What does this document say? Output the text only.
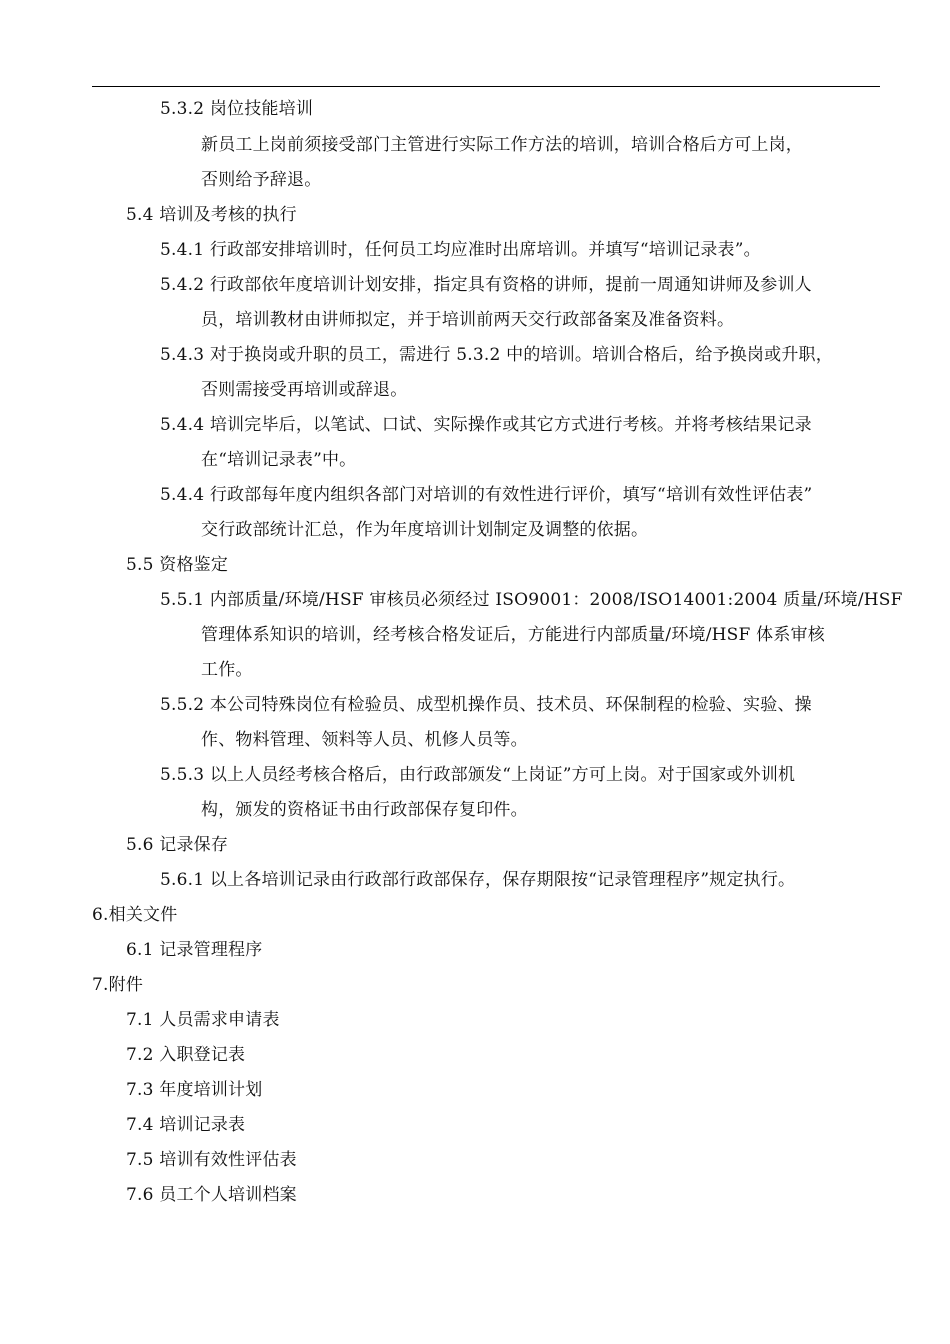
5.3.2 岗位技能培训
新员工上岗前须接受部门主管进行实际工作方法的培训，培训合格后方可上岗，
否则给予辞退。
5.4 培训及考核的执行
5.4.1 行政部安排培训时，任何员工均应准时出席培训。并填写“培训记录表”。
5.4.2 行政部依年度培训计划安排，指定具有资格的讲师，提前一周通知讲师及参训人
员，培训教材由讲师拟定，并于培训前两天交行政部备案及准备资料。
5.4.3 对于换岗或升职的员工，需进行 5.3.2 中的培训。培训合格后，给予换岗或升职，
否则需接受再培训或辞退。
5.4.4 培训完毕后，以笔试、口试、实际操作或其它方式进行考核。并将考核结果记录
在“培训记录表”中。
5.4.4 行政部每年度内组织各部门对培训的有效性进行评价，填写“培训有效性评估表”
交行政部统计汇总，作为年度培训计划制定及调整的依据。
5.5 资格鉴定
5.5.1 内部质量/环境/HSF 审核员必须经过 ISO9001：2008/ISO14001:2004 质量/环境/HSF
管理体系知识的培训，经考核合格发证后，方能进行内部质量/环境/HSF 体系审核
工作。
5.5.2 本公司特殊岗位有检验员、成型机操作员、技术员、环保制程的检验、实验、操
作、物料管理、领料等人员、机修人员等。
5.5.3 以上人员经考核合格后，由行政部颁发“上岗证”方可上岗。对于国家或外训机
构，颁发的资格证书由行政部保存复印件。
5.6 记录保存
5.6.1 以上各培训记录由行政部行政部保存，保存期限按“记录管理程序”规定执行。
6.相关文件
6.1 记录管理程序
7.附件
7.1 人员需求申请表
7.2 入职登记表
7.3 年度培训计划
7.4 培训记录表
7.5 培训有效性评估表
7.6 员工个人培训档案
